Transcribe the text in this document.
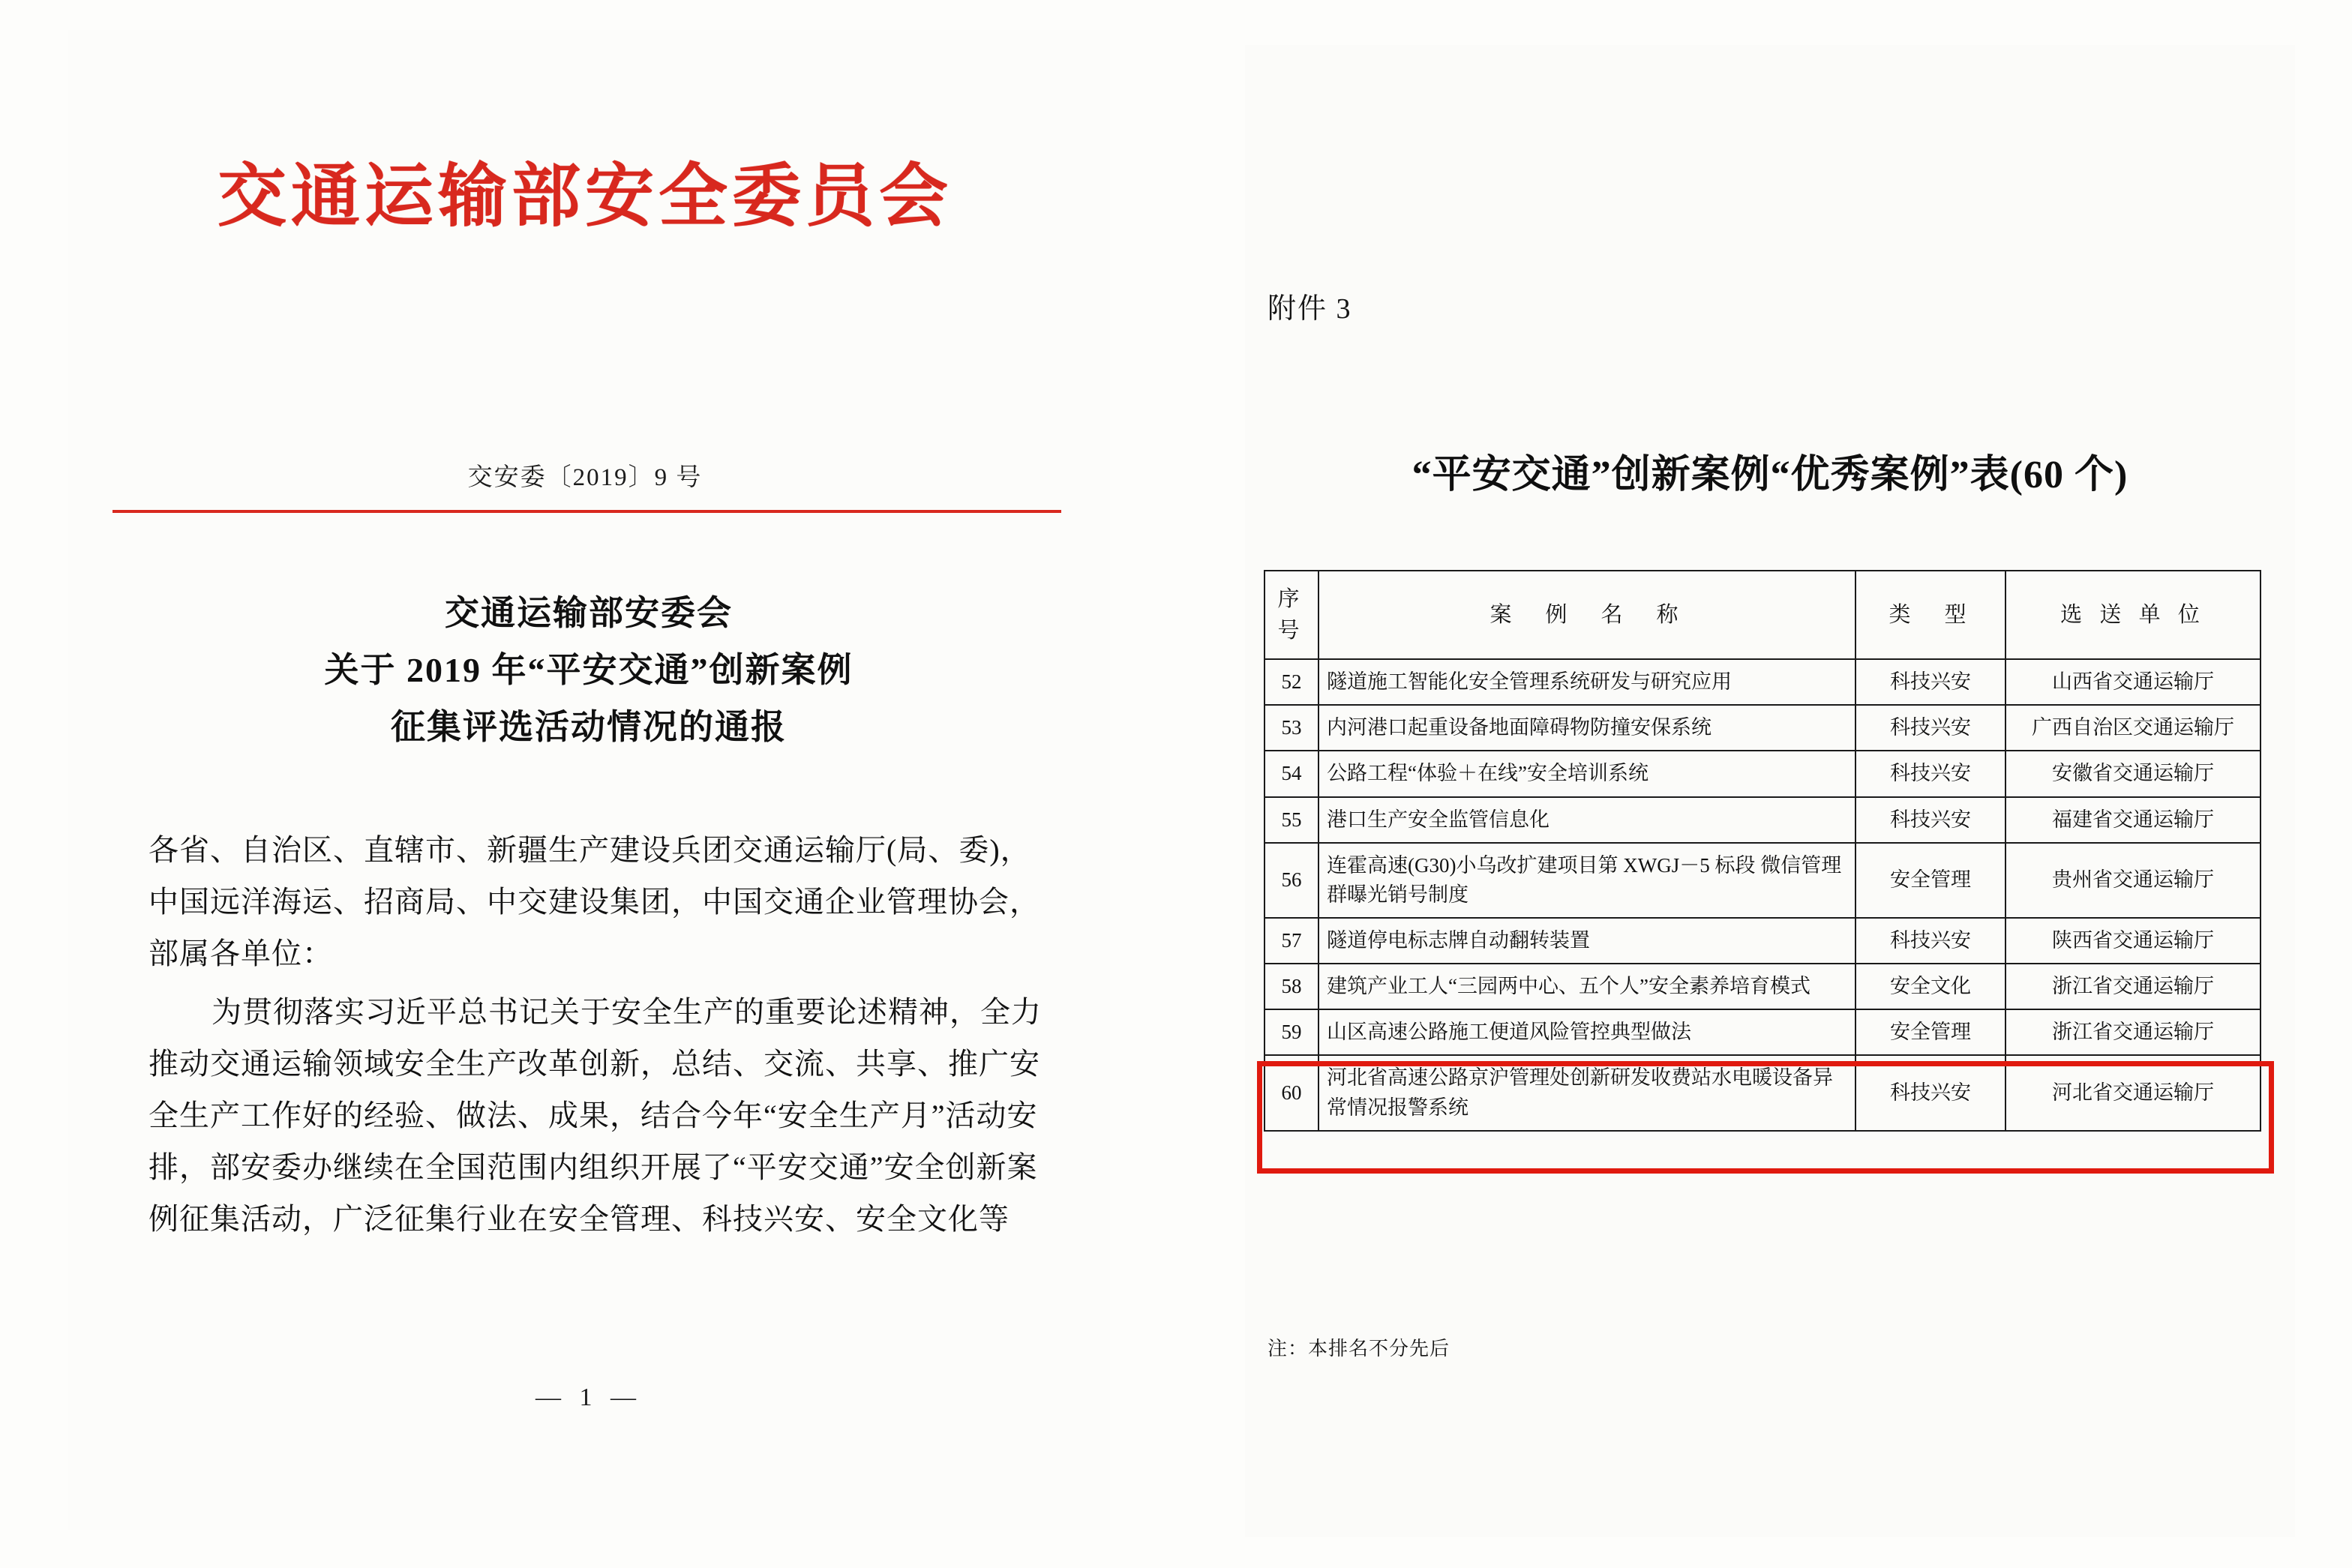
交通运输部安全委员会
交安委〔2019〕9 号
交通运输部安委会
关于 2019 年“平安交通”创新案例
征集评选活动情况的通报

各省、自治区、直辖市、新疆生产建设兵团交通运输厅(局、委)，中国远洋海运、招商局、中交建设集团，中国交通企业管理协会，部属各单位：

为贯彻落实习近平总书记关于安全生产的重要论述精神，全力推动交通运输领域安全生产改革创新，总结、交流、共享、推广安全生产工作好的经验、做法、成果，结合今年“安全生产月”活动安排，部安委办继续在全国范围内组织开展了“平安交通”安全创新案例征集活动，广泛征集行业在安全管理、科技兴安、安全文化等

— 1 —

附件 3
“平安交通”创新案例“优秀案例”表(60 个)
序号	案　例　名　称	类　型	选 送 单 位
52	隧道施工智能化安全管理系统研发与研究应用	科技兴安	山西省交通运输厅
53	内河港口起重设备地面障碍物防撞安保系统	科技兴安	广西自治区交通运输厅
54	公路工程“体验＋在线”安全培训系统	科技兴安	安徽省交通运输厅
55	港口生产安全监管信息化	科技兴安	福建省交通运输厅
56	连霍高速(G30)小乌改扩建项目第 XWGJ－5 标段 微信管理群曝光销号制度	安全管理	贵州省交通运输厅
57	隧道停电标志牌自动翻转装置	科技兴安	陕西省交通运输厅
58	建筑产业工人“三园两中心、五个人”安全素养培育模式	安全文化	浙江省交通运输厅
59	山区高速公路施工便道风险管控典型做法	安全管理	浙江省交通运输厅
60	河北省高速公路京沪管理处创新研发收费站水电暖设备异常情况报警系统	科技兴安	河北省交通运输厅
注：本排名不分先后
